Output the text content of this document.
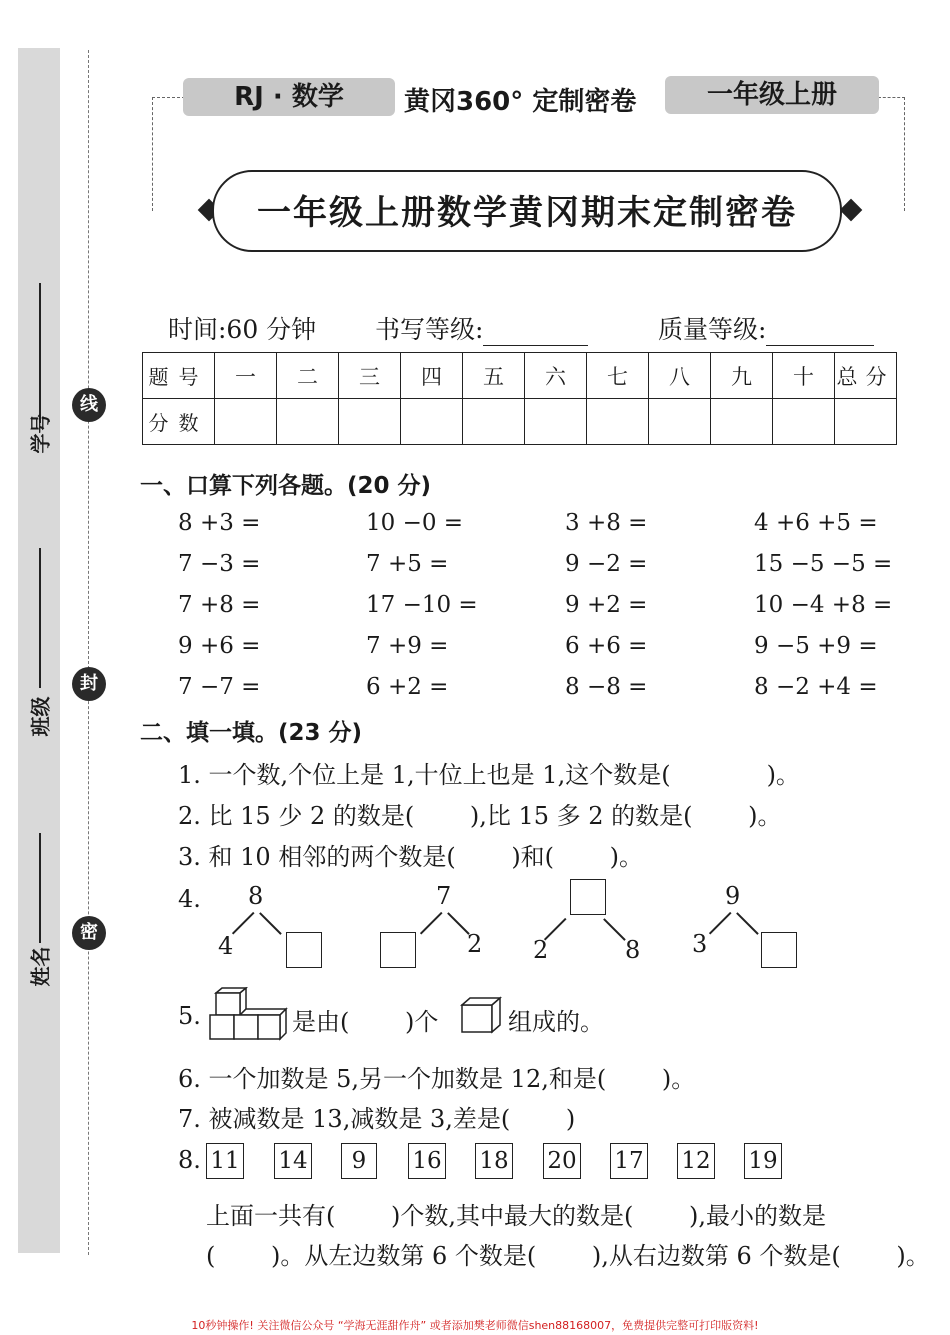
学号
班级
姓名
线
封
密
RJ · 数学	黄冈360° 定制密卷	一年级上册
一年级上册数学黄冈期末定制密卷
时间:60 分钟 书写等级:	质量等级:
题号	一	二	三	四	五	六	七	八	九	十	总分
分数											
一、口算下列各题。(20 分)
8 +3 =	10 −0 =	3 +8 =	4 +6 +5 =
7 −3 =	7 +5 =	9 −2 =	15 −5 −5 =
7 +8 =	17 −10 =	9 +2 =	10 −4 +8 =
9 +6 =	7 +9 =	6 +6 =	9 −5 +9 =
7 −7 =	6 +2 =	8 −8 =	8 −2 +4 =
二、填一填。(23 分)
1. 一个数,个位上是 1,十位上也是 1,这个数是(　　　　)。
2. 比 15 少 2 的数是(　　 ),比 15 多 2 的数是(　　 )。
3. 和 10 相邻的两个数是(　　 )和(　　 )。
4. 8
4
7
2 2	8
9
3
5.	是由(　　 )个	组成的。
6. 一个加数是 5,另一个加数是 12,和是(　　 )。
7. 被减数是 13,减数是 3,差是(　　 )
8. 11 14	9	16 18 20 17 12 19
上面一共有(　　 )个数,其中最大的数是(　　 ),最小的数是
(　　 )。从左边数第 6 个数是(　　 ),从右边数第 6 个数是(　　 )。
10秒钟操作! 关注微信公众号 “学海无涯甜作舟” 或者添加樊老师微信shen88168007，免费提供完整可打印版资料!
